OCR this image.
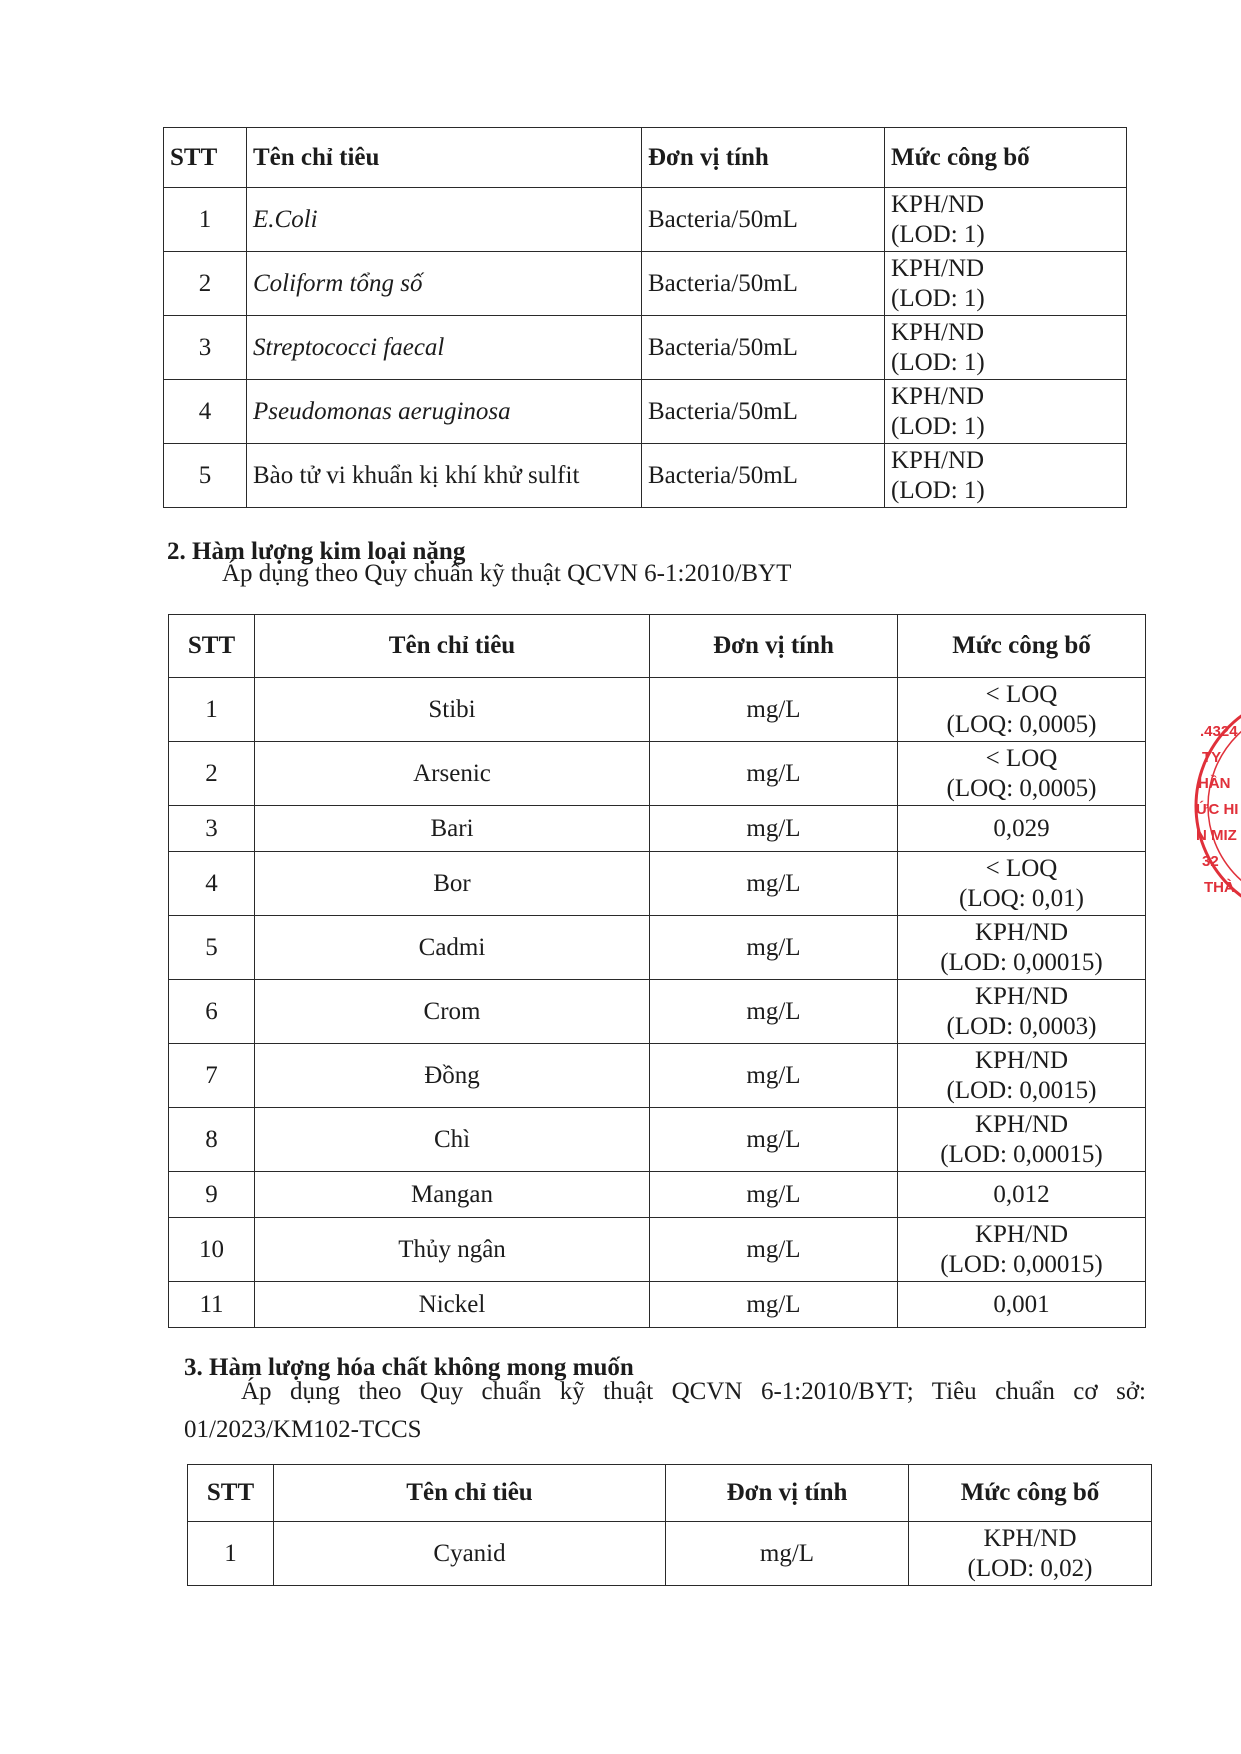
STT	Tên chỉ tiêu	Đơn vị tính	Mức công bố
1	E.Coli	Bacteria/50mL	KPH/ND
(LOD: 1)

2	Coliform tổng số	Bacteria/50mL	KPH/ND
(LOD: 1)

3	Streptococci faecal	Bacteria/50mL	KPH/ND
(LOD: 1)

4	Pseudomonas aeruginosa	Bacteria/50mL	KPH/ND
(LOD: 1)

5	Bào tử vi khuẩn kị khí khử sulfit	Bacteria/50mL	KPH/ND
(LOD: 1)

2. Hàm lượng kim loại nặng

Áp dụng theo Quy chuẩn kỹ thuật QCVN 6-1:2010/BYT

STT	Tên chỉ tiêu	Đơn vị tính	Mức công bố
1	Stibi	mg/L	< LOQ
(LOQ: 0,0005)

2	Arsenic	mg/L	< LOQ
(LOQ: 0,0005)

3	Bari	mg/L	0,029
4	Bor	mg/L	< LOQ
(LOQ: 0,01)

5	Cadmi	mg/L	KPH/ND
(LOD: 0,00015)

6	Crom	mg/L	KPH/ND
(LOD: 0,0003)

7	Đồng	mg/L	KPH/ND
(LOD: 0,0015)

8	Chì	mg/L	KPH/ND
(LOD: 0,00015)

9	Mangan	mg/L	0,012
10	Thủy ngân	mg/L	KPH/ND
(LOD: 0,00015)

11	Nickel	mg/L	0,001

3. Hàm lượng hóa chất không mong muốn

Áp dụng theo Quy chuẩn kỹ thuật QCVN 6-1:2010/BYT; Tiêu chuẩn cơ sở:

01/2023/KM102-TCCS

STT	Tên chỉ tiêu	Đơn vị tính	Mức công bố
1	Cyanid	mg/L	KPH/ND
(LOD: 0,02)
.4324
TY
HẦN
ỨC HI
N MIZ
32
THÀ
